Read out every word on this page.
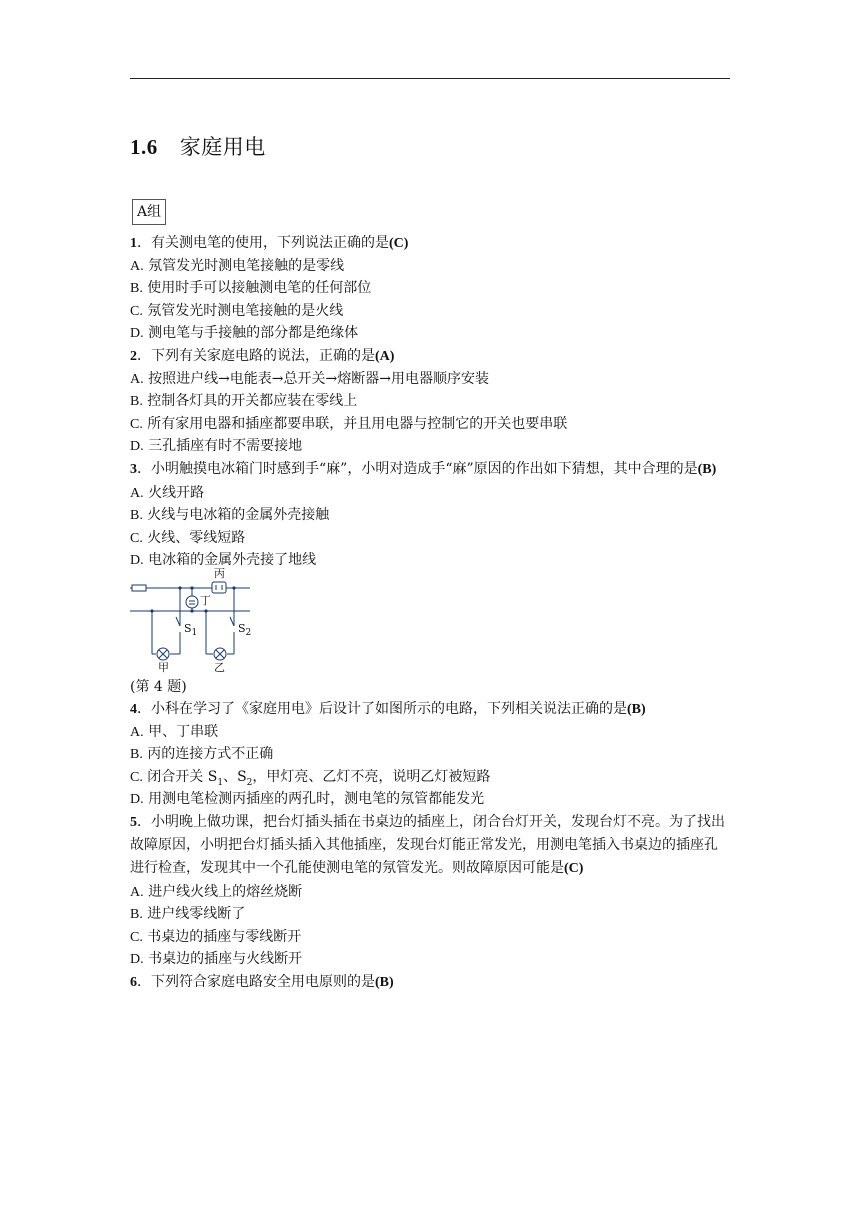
1.6 家庭用电
A组
1．有关测电笔的使用，下列说法正确的是(C)
A. 氖管发光时测电笔接触的是零线
B. 使用时手可以接触测电笔的任何部位
C. 氖管发光时测电笔接触的是火线
D. 测电笔与手接触的部分都是绝缘体
2．下列有关家庭电路的说法，正确的是(A)
A. 按照进户线→电能表→总开关→熔断器→用电器顺序安装
B. 控制各灯具的开关都应装在零线上
C. 所有家用电器和插座都要串联，并且用电器与控制它的开关也要串联
D. 三孔插座有时不需要接地
3．小明触摸电冰箱门时感到手“麻”，小明对造成手“麻”原因的作出如下猜想，其中合理的是(B)
A. 火线开路
B. 火线与电冰箱的金属外壳接触
C. 火线、零线短路
D. 电冰箱的金属外壳接了地线
丙
丁
$S_1$	$S_2$
甲	乙
(第 4 题)
4．小科在学习了《家庭用电》后设计了如图所示的电路，下列相关说法正确的是(B)
A. 甲、丁串联
B. 丙的连接方式不正确
C. 闭合开关 $S_1$、$S_2$，甲灯亮、乙灯不亮，说明乙灯被短路
D. 用测电笔检测丙插座的两孔时，测电笔的氖管都能发光
5．小明晚上做功课，把台灯插头插在书桌边的插座上，闭合台灯开关，发现台灯不亮。为了找出故障原因，小明把台灯插头插入其他插座，发现台灯能正常发光，用测电笔插入书桌边的插座孔进行检查，发现其中一个孔能使测电笔的氖管发光。则故障原因可能是(C)
A. 进户线火线上的熔丝烧断
B. 进户线零线断了
C. 书桌边的插座与零线断开
D. 书桌边的插座与火线断开
6．下列符合家庭电路安全用电原则的是(B)
